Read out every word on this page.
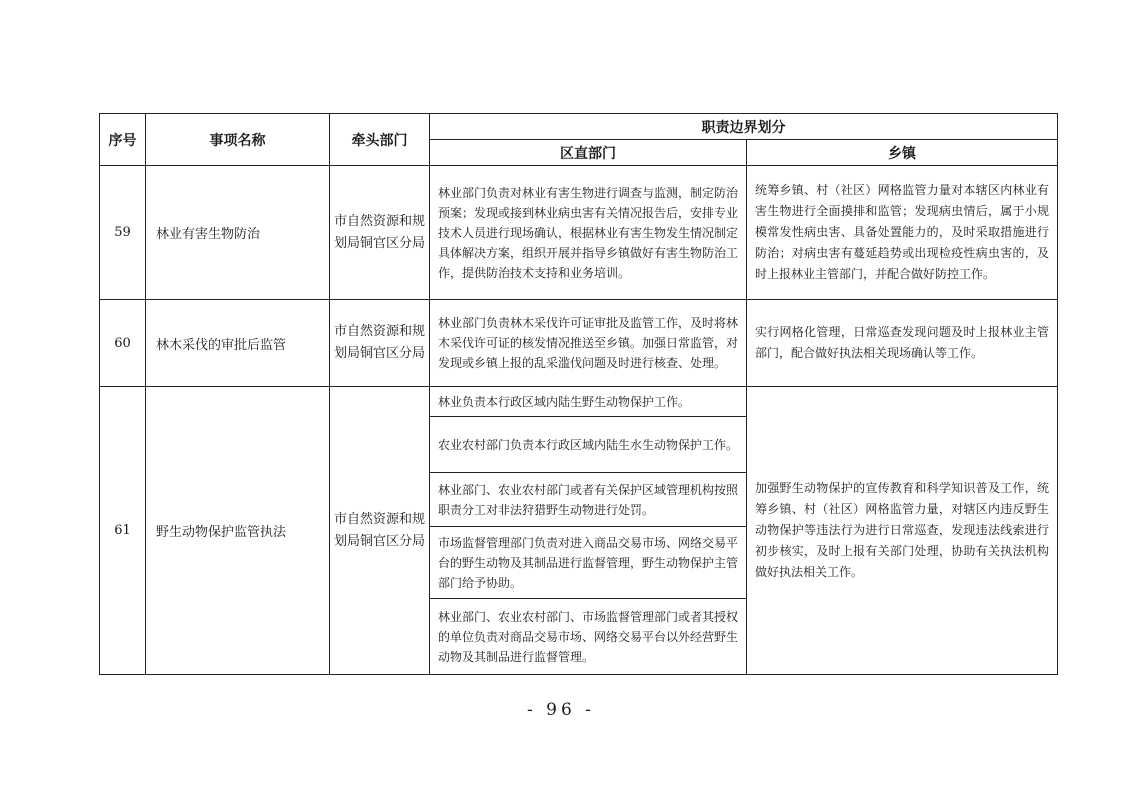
序号	事项名称	牵头部门	职责边界划分	
			区直部门	乡镇
59	林业有害生物防治	市自然资源和规划局铜官区分局	林业部门负责对林业有害生物进行调查与监测，制定防治预案；发现或接到林业病虫害有关情况报告后，安排专业技术人员进行现场确认，根据林业有害生物发生情况制定具体解决方案，组织开展并指导乡镇做好有害生物防治工作，提供防治技术支持和业务培训。	统筹乡镇、村（社区）网格监管力量对本辖区内林业有害生物进行全面摸排和监管；发现病虫情后，属于小规模常发性病虫害、具备处置能力的，及时采取措施进行防治；对病虫害有蔓延趋势或出现检疫性病虫害的，及时上报林业主管部门，并配合做好防控工作。
60	林木采伐的审批后监管	市自然资源和规划局铜官区分局	林业部门负责林木采伐许可证审批及监管工作，及时将林木采伐许可证的核发情况推送至乡镇。加强日常监管，对发现或乡镇上报的乱采滥伐问题及时进行核查、处理。	实行网格化管理，日常巡查发现问题及时上报林业主管部门，配合做好执法相关现场确认等工作。
61	野生动物保护监管执法	市自然资源和规划局铜官区分局	林业负责本行政区域内陆生野生动物保护工作。	加强野生动物保护的宣传教育和科学知识普及工作，统筹乡镇、村（社区）网格监管力量，对辖区内违反野生动物保护等违法行为进行日常巡查，发现违法线索进行初步核实，及时上报有关部门处理，协助有关执法机构做好执法相关工作。
			农业农村部门负责本行政区域内陆生水生动物保护工作。	
			林业部门、农业农村部门或者有关保护区域管理机构按照职责分工对非法狩猎野生动物进行处罚。	
			市场监督管理部门负责对进入商品交易市场、网络交易平台的野生动物及其制品进行监督管理，野生动物保护主管部门给予协助。	
			林业部门、农业农村部门、市场监督管理部门或者其授权的单位负责对商品交易市场、网络交易平台以外经营野生动物及其制品进行监督管理。	
- 96 -
